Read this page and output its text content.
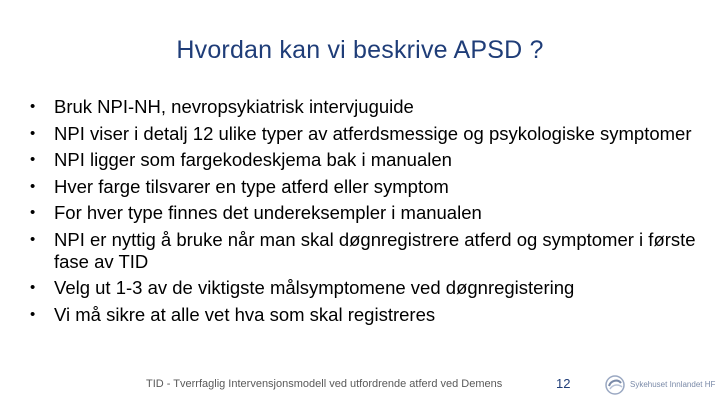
Hvordan kan vi beskrive APSD ?
•	Bruk NPI-NH, nevropsykiatrisk intervjuguide
•	NPI viser i detalj 12 ulike typer av atferdsmessige og psykologiske symptomer
•	NPI ligger som fargekodeskjema bak i manualen
•	Hver farge tilsvarer en type atferd eller symptom
•	For hver type finnes det undereksempler i manualen
•	NPI er nyttig å bruke når man skal døgnregistrere atferd og symptomer i første fase av TID
•	Velg ut 1-3 av de viktigste målsymptomene ved døgnregistering
•	Vi må sikre at alle vet hva som skal registreres
TID - Tverrfaglig Intervensjonsmodell ved utfordrende atferd ved Demens	12	Sykehuset Innlandet HF
